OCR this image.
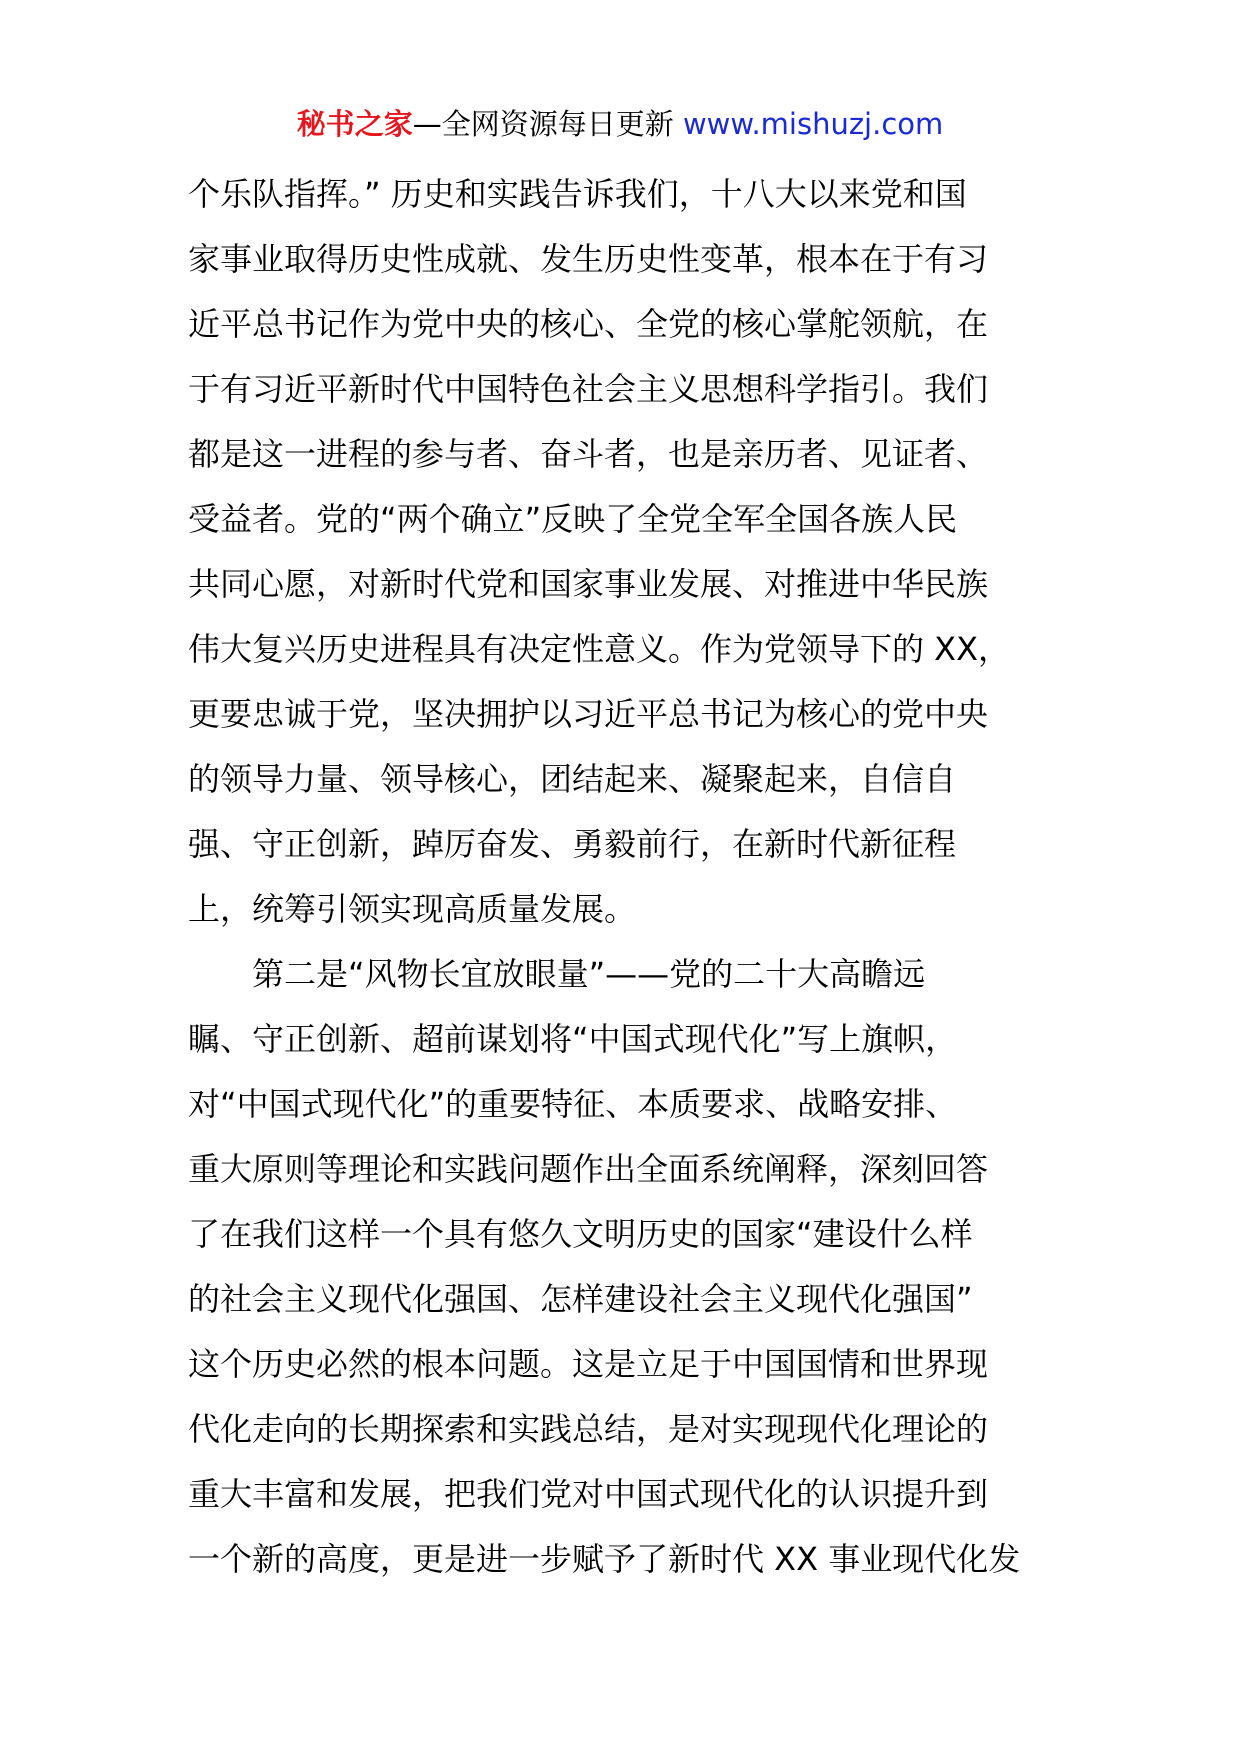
秘书之家—全网资源每日更新 www.mishuzj.com
个乐队指挥。” 历史和实践告诉我们，十八大以来党和国
家事业取得历史性成就、发生历史性变革，根本在于有习
近平总书记作为党中央的核心、全党的核心掌舵领航，在
于有习近平新时代中国特色社会主义思想科学指引。我们
都是这一进程的参与者、奋斗者，也是亲历者、见证者、
受益者。党的“两个确立”反映了全党全军全国各族人民
共同心愿，对新时代党和国家事业发展、对推进中华民族
伟大复兴历史进程具有决定性意义。作为党领导下的 XX，
更要忠诚于党，坚决拥护以习近平总书记为核心的党中央
的领导力量、领导核心，团结起来、凝聚起来，自信自
强、守正创新，踔厉奋发、勇毅前行，在新时代新征程
上，统筹引领实现高质量发展。
　　第二是“风物长宜放眼量”——党的二十大高瞻远
瞩、守正创新、超前谋划将“中国式现代化”写上旗帜，
对“中国式现代化”的重要特征、本质要求、战略安排、
重大原则等理论和实践问题作出全面系统阐释，深刻回答
了在我们这样一个具有悠久文明历史的国家“建设什么样
的社会主义现代化强国、怎样建设社会主义现代化强国”
这个历史必然的根本问题。这是立足于中国国情和世界现
代化走向的长期探索和实践总结，是对实现现代化理论的
重大丰富和发展，把我们党对中国式现代化的认识提升到
一个新的高度，更是进一步赋予了新时代 XX 事业现代化发
